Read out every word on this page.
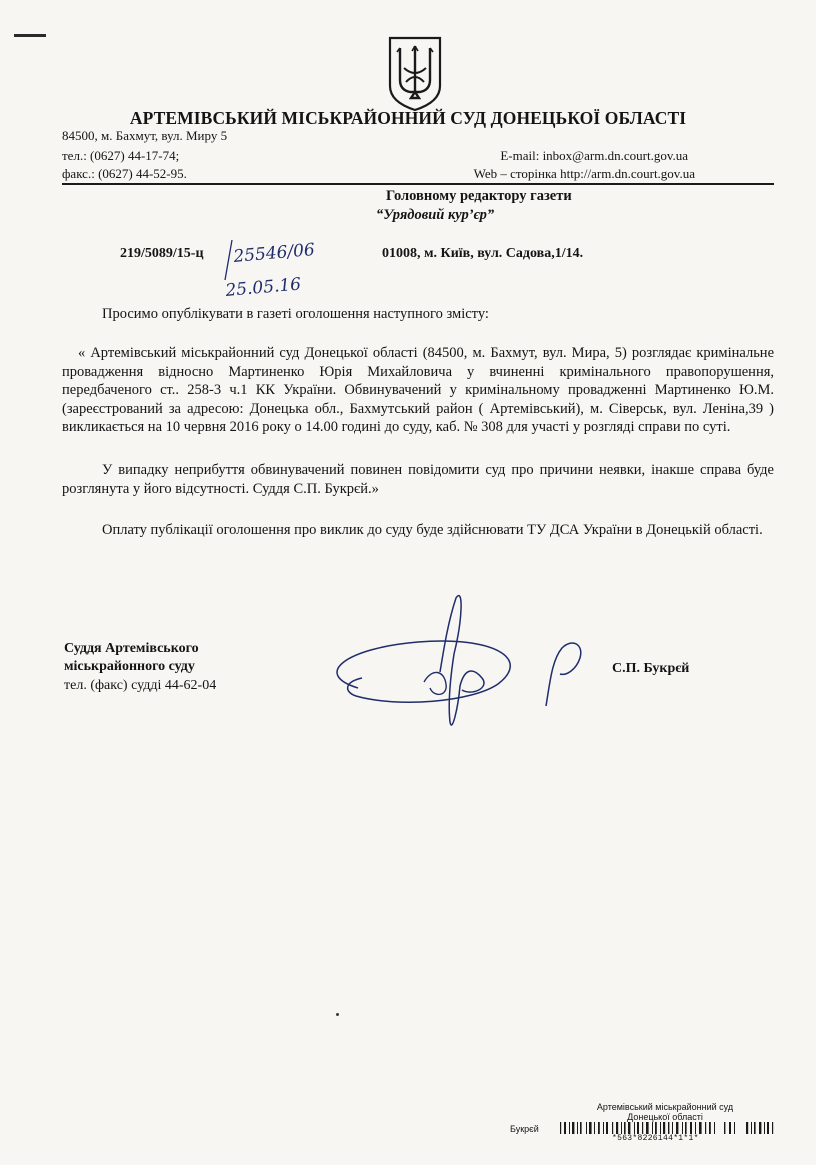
АРТЕМІВСЬКИЙ МІСЬКРАЙОННИЙ СУД ДОНЕЦЬКОЇ ОБЛАСТІ
84500, м. Бахмут, вул. Миру 5
тел.: (0627) 44-17-74;
факс.: (0627) 44-52-95.
E-mail: inbox@arm.dn.court.gov.ua
Web – сторінка http://arm.dn.court.gov.ua
Головному редактору газети
“Урядовий кур’єр”
219/5089/15-ц	01008, м. Київ, вул. Садова,1/14.
25546/06
25.05.16
Просимо опублікувати в газеті оголошення наступного змісту:
« Артемівський міськрайонний суд Донецької області (84500, м. Бахмут, вул. Мира, 5) розглядає кримінальне провадження відносно Мартиненко Юрія Михайловича у вчиненні кримінального правопорушення, передбаченого ст.. 258-3 ч.1 КК України. Обвинувачений у кримінальному провадженні Мартиненко Ю.М. (зареєстрований за адресою: Донецька обл., Бахмутський район ( Артемівський), м. Сіверськ, вул. Леніна,39 ) викликається на 10 червня 2016 року о 14.00 годині до суду, каб. № 308 для участі у розгляді справи по суті.
У випадку неприбуття обвинувачений повинен повідомити суд про причини неявки, інакше справа буде розглянута у його відсутності. Суддя С.П. Букрєй.»
Оплату публікації оголошення про виклик до суду буде здійснювати ТУ ДСА України в Донецькій області.
Суддя Артемівського
міськрайонного суду
тел. (факс) судді 44-62-04
С.П. Букрєй
Артемівський міськрайонний суд
Донецької області
Букрєй
*563*8226144*1*1*
